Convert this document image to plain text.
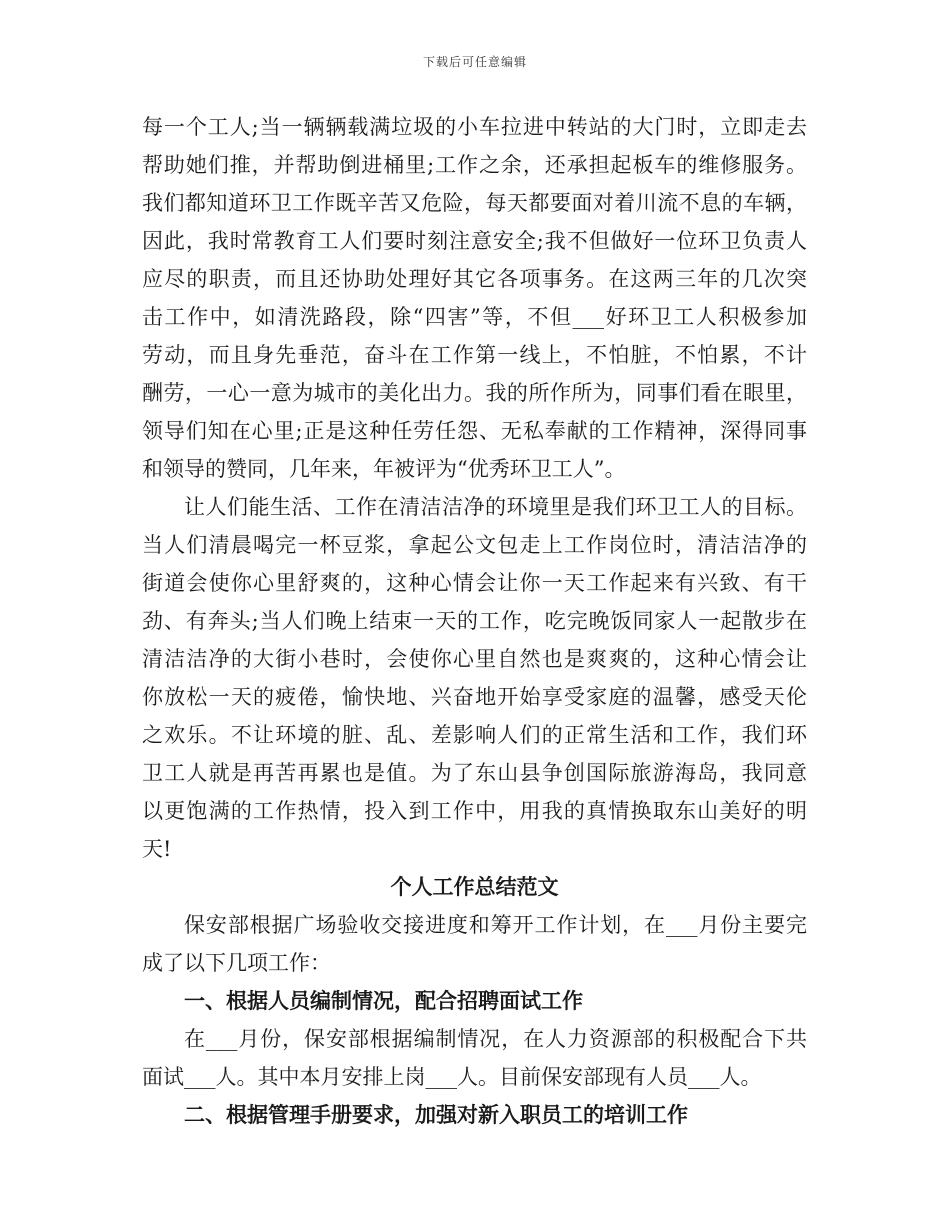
下载后可任意编辑
每一个工人;当一辆辆载满垃圾的小车拉进中转站的大门时，立即走去
帮助她们推，并帮助倒进桶里;工作之余，还承担起板车的维修服务。
我们都知道环卫工作既辛苦又危险，每天都要面对着川流不息的车辆，
因此，我时常教育工人们要时刻注意安全;我不但做好一位环卫负责人
应尽的职责，而且还协助处理好其它各项事务。在这两三年的几次突
击工作中，如清洗路段，除“四害”等，不但___好环卫工人积极参加
劳动，而且身先垂范，奋斗在工作第一线上，不怕脏，不怕累，不计
酬劳，一心一意为城市的美化出力。我的所作所为，同事们看在眼里，
领导们知在心里;正是这种任劳任怨、无私奉献的工作精神，深得同事
和领导的赞同，几年来，年被评为“优秀环卫工人”。
让人们能生活、工作在清洁洁净的环境里是我们环卫工人的目标。
当人们清晨喝完一杯豆浆，拿起公文包走上工作岗位时，清洁洁净的
街道会使你心里舒爽的，这种心情会让你一天工作起来有兴致、有干
劲、有奔头;当人们晚上结束一天的工作，吃完晚饭同家人一起散步在
清洁洁净的大街小巷时，会使你心里自然也是爽爽的，这种心情会让
你放松一天的疲倦，愉快地、兴奋地开始享受家庭的温馨，感受天伦
之欢乐。不让环境的脏、乱、差影响人们的正常生活和工作，我们环
卫工人就是再苦再累也是值。为了东山县争创国际旅游海岛，我同意
以更饱满的工作热情，投入到工作中，用我的真情换取东山美好的明
天!
个人工作总结范文
保安部根据广场验收交接进度和筹开工作计划，在___月份主要完
成了以下几项工作：
一、根据人员编制情况，配合招聘面试工作
在___月份，保安部根据编制情况，在人力资源部的积极配合下共
面试___人。其中本月安排上岗___人。目前保安部现有人员___人。
二、根据管理手册要求，加强对新入职员工的培训工作
